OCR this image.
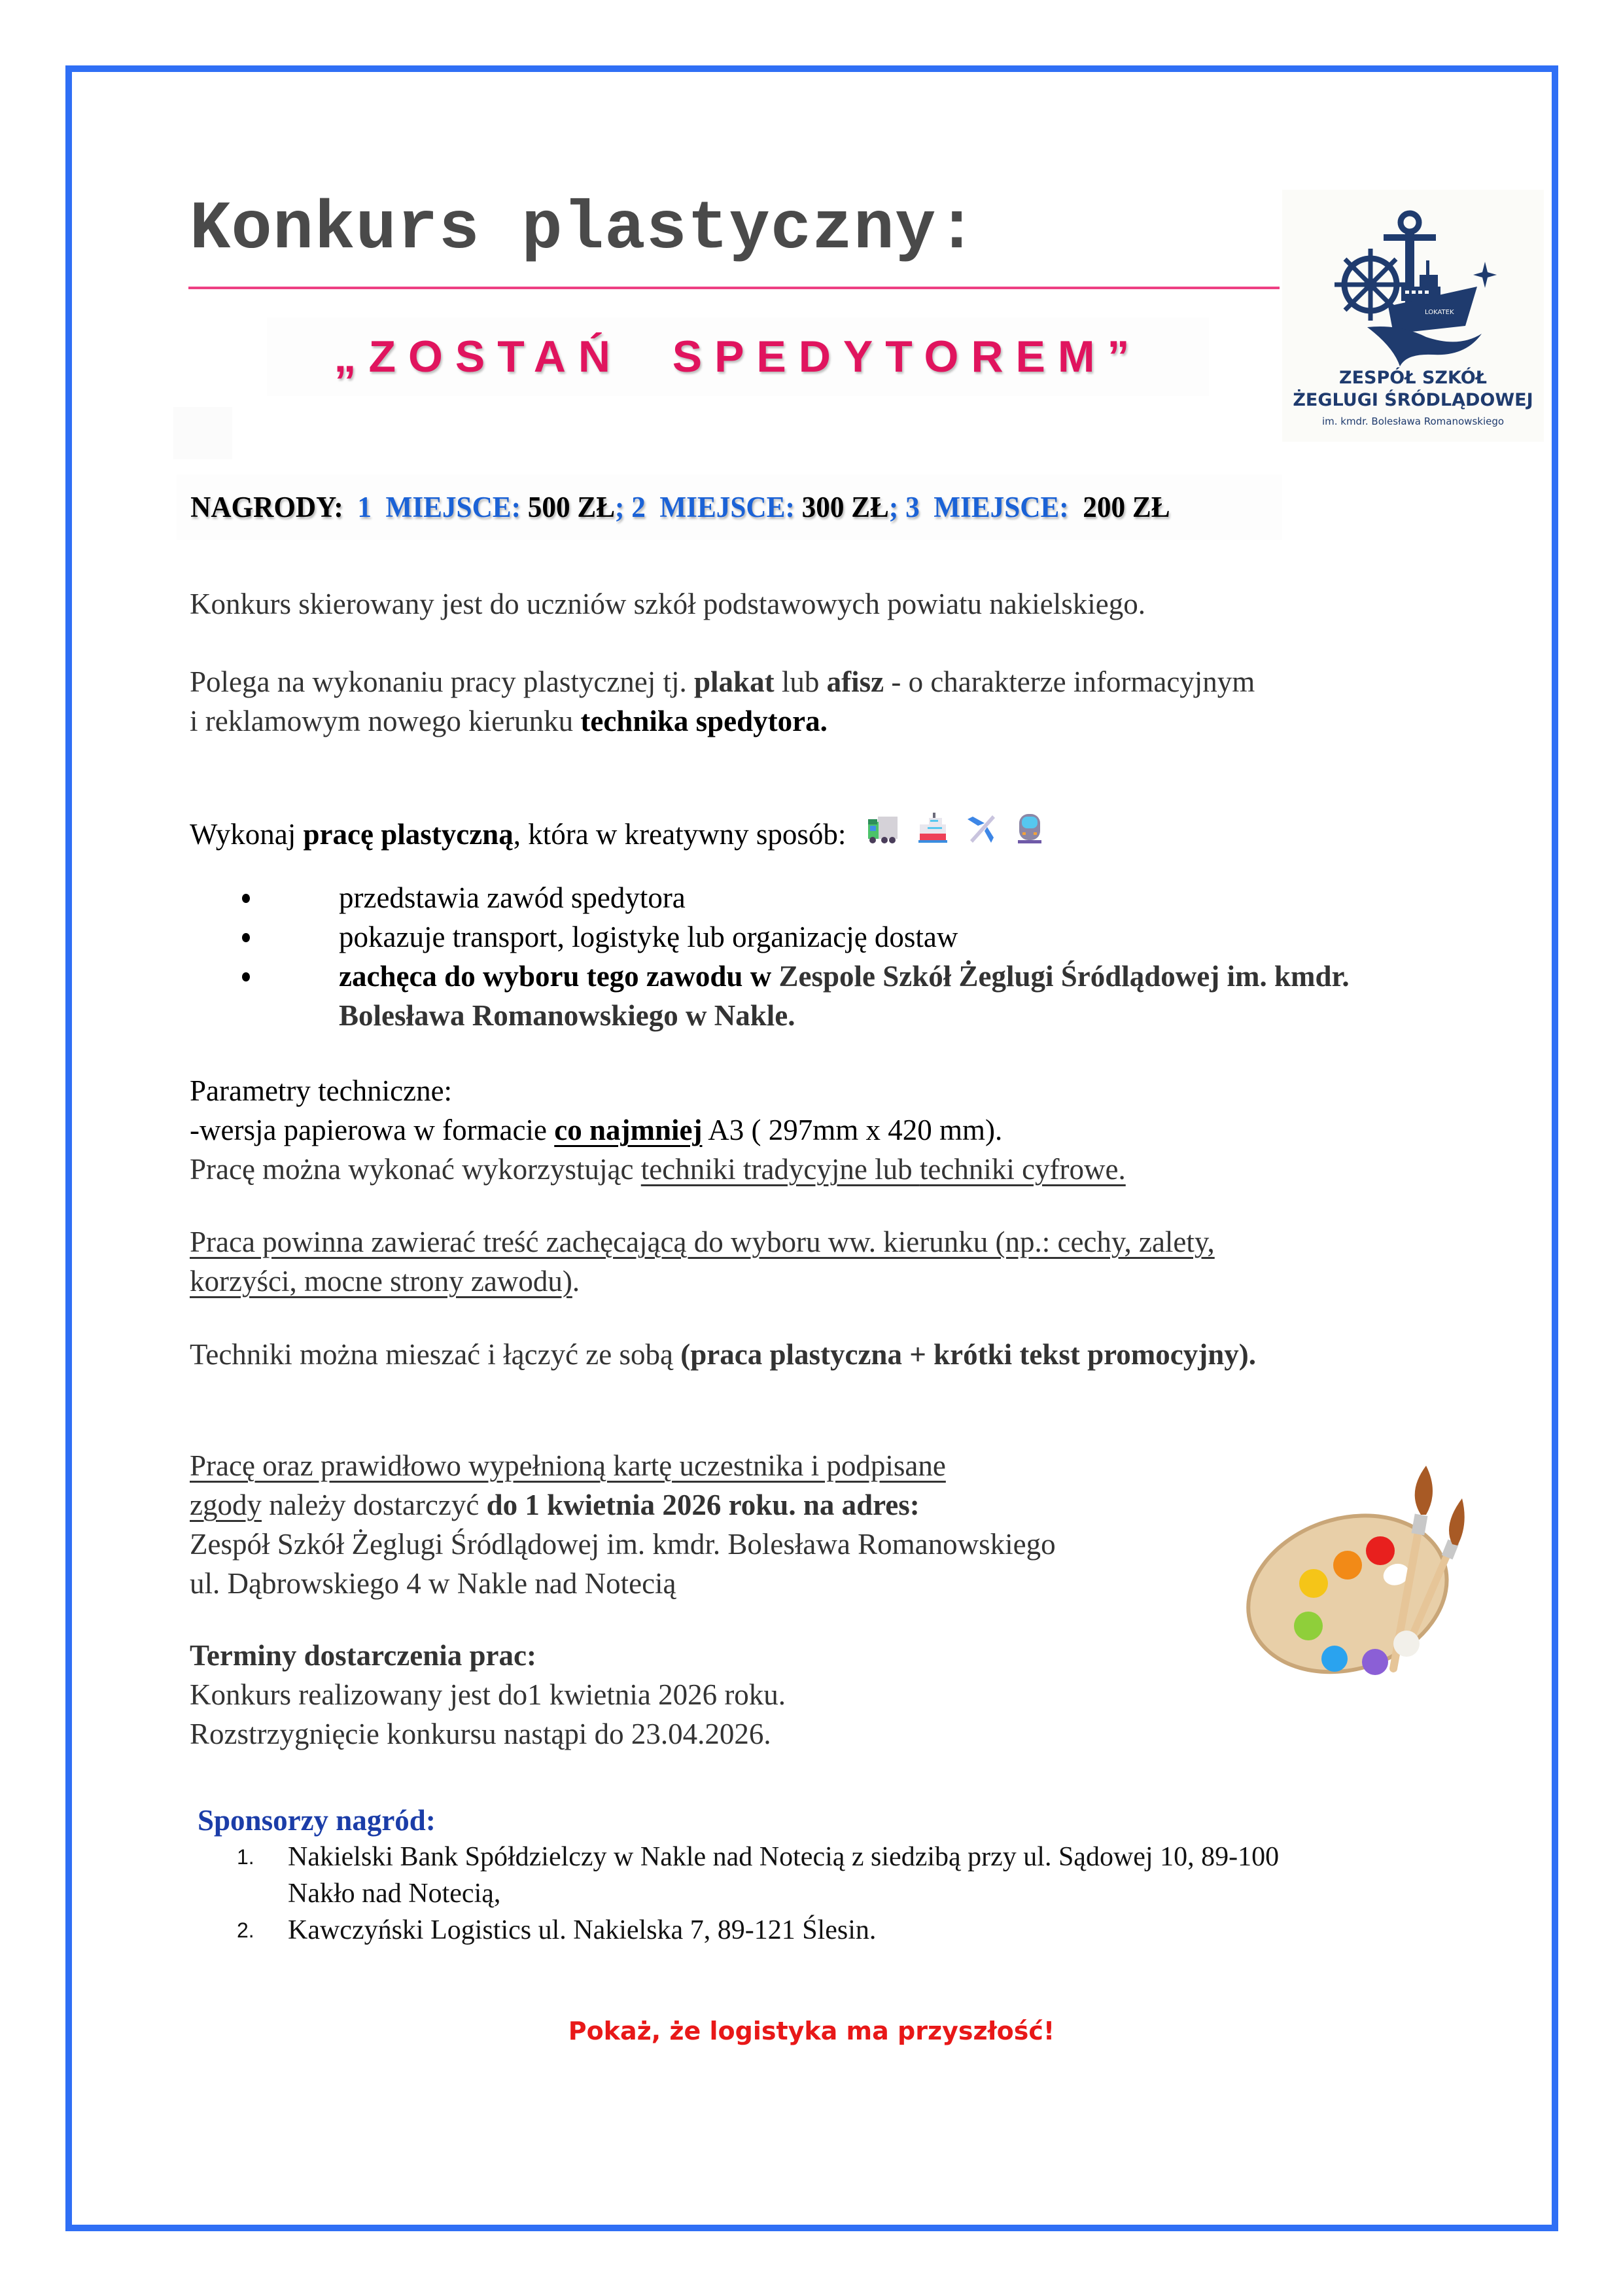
Konkurs plastyczny:
„ZOSTAŃ  SPEDYTOREM”
LOKATEK
ZESPÓŁ SZKÓŁ
ŻEGLUGI ŚRÓDLĄDOWEJ
im. kmdr. Bolesława Romanowskiego
NAGRODY:
1  MIEJSCE: 500 ZŁ ; 2  MIEJSCE: 300 ZŁ ; 3  MIEJSCE: 200 ZŁ
Konkurs skierowany jest do uczniów szkół podstawowych powiatu nakielskiego.
Polega na wykonaniu pracy plastycznej tj. plakat lub afisz - o charakterze informacyjnym
i reklamowym nowego kierunku technika spedytora.
Wykonaj pracę plastyczną, która w kreatywny sposób:
przedstawia zawód spedytora
pokazuje transport, logistykę lub organizację dostaw
zachęca do wyboru tego zawodu w Zespole Szkół Żeglugi Śródlądowej im. kmdr.
Bolesława Romanowskiego w Nakle.
Parametry techniczne:
-wersja papierowa w formacie co najmniej A3 ( 297mm x 420 mm).
Pracę można wykonać wykorzystując techniki tradycyjne lub techniki cyfrowe.
Praca powinna zawierać treść zachęcającą do wyboru ww. kierunku (np.: cechy, zalety,
korzyści, mocne strony zawodu).
Techniki można mieszać i łączyć ze sobą (praca plastyczna + krótki tekst promocyjny).
Pracę oraz prawidłowo wypełnioną kartę uczestnika i podpisane
zgody należy dostarczyć do 1 kwietnia 2026 roku. na adres:
Zespół Szkół Żeglugi Śródlądowej im. kmdr. Bolesława Romanowskiego
ul. Dąbrowskiego 4 w Nakle nad Notecią
Terminy dostarczenia prac:
Konkurs realizowany jest do1 kwietnia 2026 roku.
Rozstrzygnięcie konkursu nastąpi do 23.04.2026.
Sponsorzy nagród:
1. Nakielski Bank Spółdzielczy w Nakle nad Notecią z siedzibą przy ul. Sądowej 10, 89-100
Nakło nad Notecią,
2. Kawczyński Logistics ul. Nakielska 7, 89-121 Ślesin.
Pokaż, że logistyka ma przyszłość!
